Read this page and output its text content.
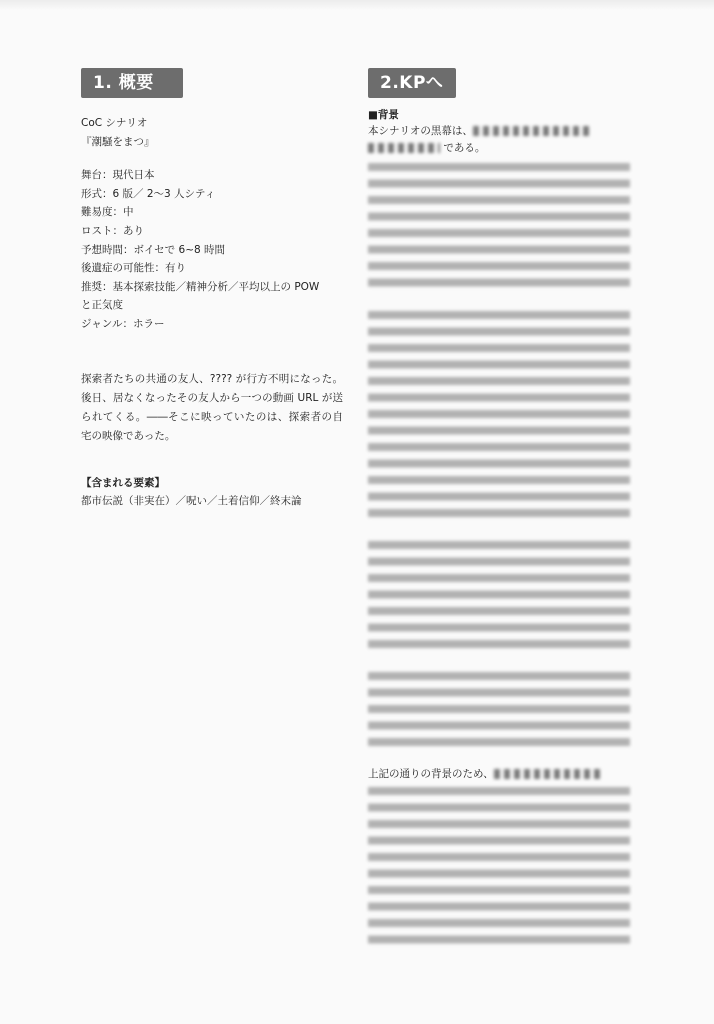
1. 概要
CoC シナリオ
『潮騒をまつ』
舞台：現代日本
形式：6 版／ 2〜3 人シティ
難易度：中
ロスト：あり
予想時間：ボイセで 6~8 時間
後遺症の可能性：有り
推奨：基本探索技能／精神分析／平均以上の POW
と正気度
ジャンル：ホラー
探索者たちの共通の友人、???? が行方不明になった。後日、居なくなったその友人から一つの動画 URL が送られてくる。――そこに映っていたのは、探索者の自宅の映像であった。
【含まれる要素】
都市伝説（非実在）／呪い／土着信仰／終末論
2.KPへ
■背景
本シナリオの黒幕は、
である。
上記の通りの背景のため、
